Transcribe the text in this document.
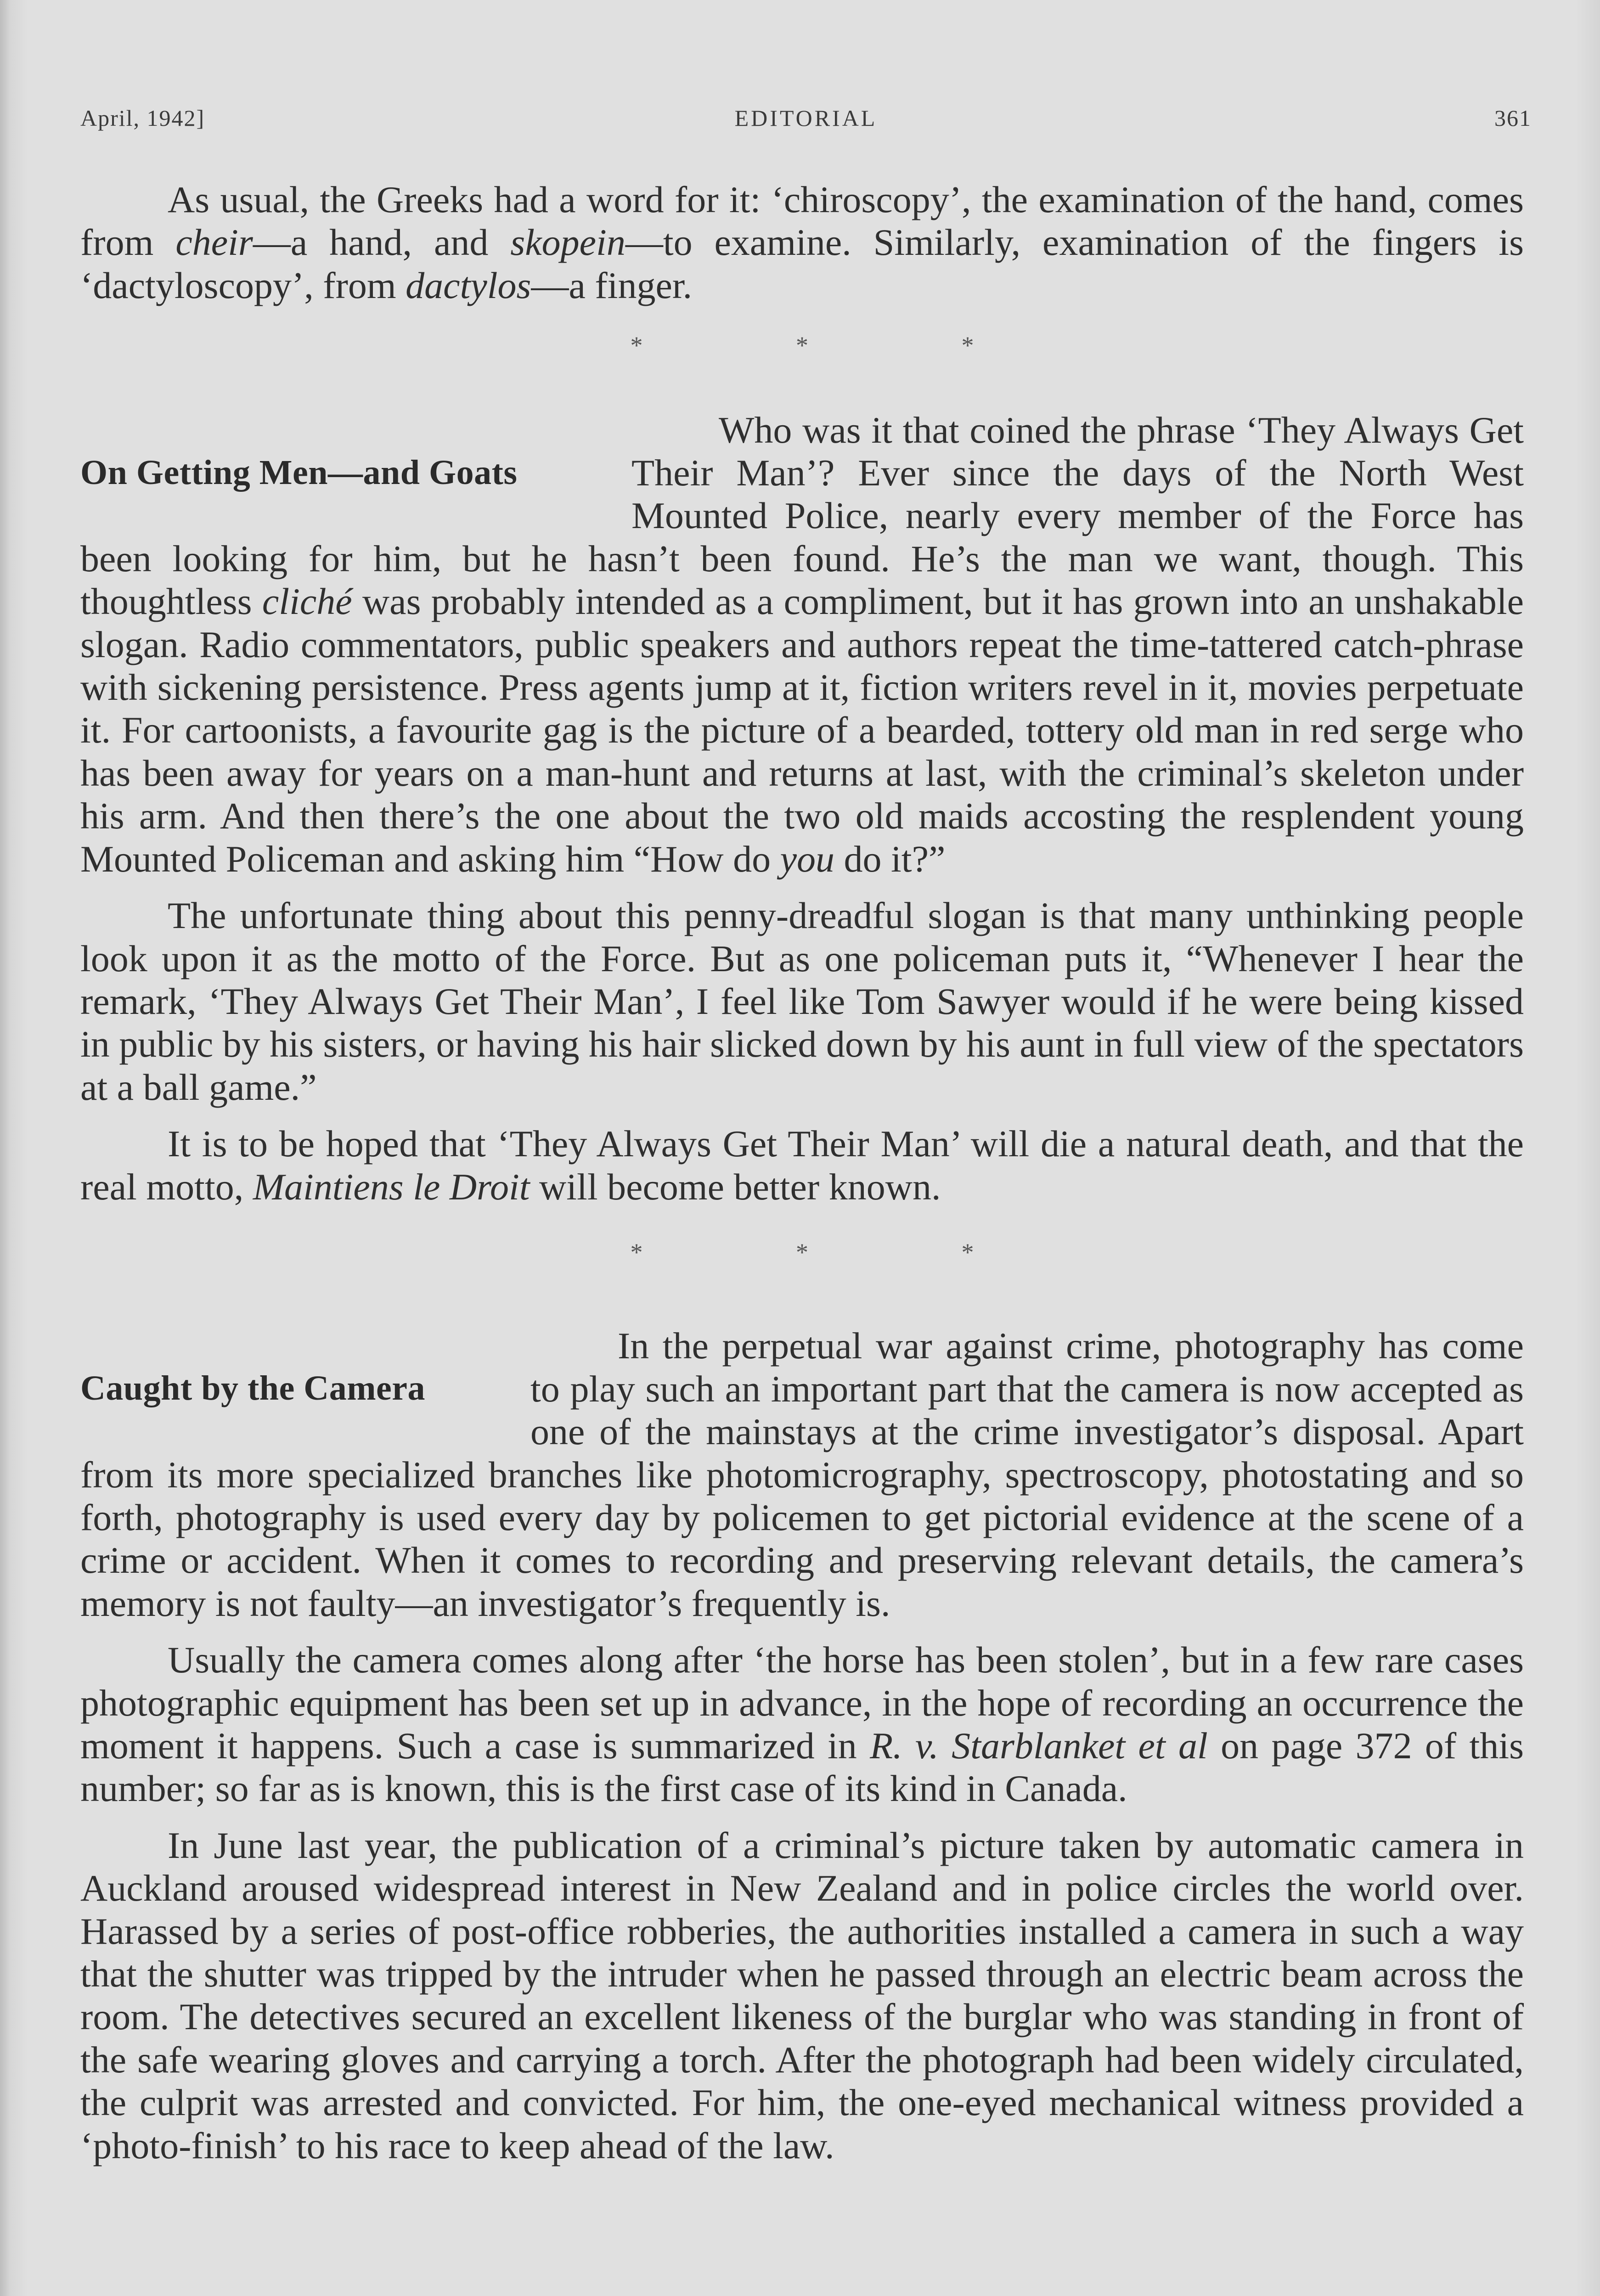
April, 1942]	EDITORIAL	361

As usual, the Greeks had a word for it: ‘chiroscopy’, the examination of the hand, comes from cheir—a hand, and skopein—to examine. Similarly, examination of the fingers is ‘dactyloscopy’, from dactylos—a finger.

* * *
On Getting Men—and Goats

Who was it that coined the phrase ‘They Always Get Their Man’? Ever since the days of the North West Mounted Police, nearly every member of the Force has been looking for him, but he hasn’t been found. He’s the man we want, though. This thoughtless cliché was probably intended as a compliment, but it has grown into an unshakable slogan. Radio commentators, public speakers and authors repeat the time-tattered catch-phrase with sickening persistence. Press agents jump at it, fiction writers revel in it, movies perpetuate it. For cartoonists, a favourite gag is the picture of a bearded, tottery old man in red serge who has been away for years on a man-hunt and returns at last, with the criminal’s skeleton under his arm. And then there’s the one about the two old maids accosting the resplendent young Mounted Policeman and asking him “How do you do it?”

The unfortunate thing about this penny-dreadful slogan is that many unthinking people look upon it as the motto of the Force. But as one policeman puts it, “Whenever I hear the remark, ‘They Always Get Their Man’, I feel like Tom Sawyer would if he were being kissed in public by his sisters, or having his hair slicked down by his aunt in full view of the spectators at a ball game.”

It is to be hoped that ‘They Always Get Their Man’ will die a natural death, and that the real motto, Maintiens le Droit will become better known.

* * *
Caught by the Camera

In the perpetual war against crime, photography has come to play such an important part that the camera is now accepted as one of the mainstays at the crime investigator’s disposal. Apart from its more specialized branches like photomicrography, spectroscopy, photostating and so forth, photography is used every day by policemen to get pictorial evidence at the scene of a crime or accident. When it comes to recording and preserving relevant details, the camera’s memory is not faulty—an investigator’s frequently is.

Usually the camera comes along after ‘the horse has been stolen’, but in a few rare cases photographic equipment has been set up in advance, in the hope of recording an occurrence the moment it happens. Such a case is summarized in R. v. Starblanket et al on page 372 of this number; so far as is known, this is the first case of its kind in Canada.

In June last year, the publication of a criminal’s picture taken by automatic camera in Auckland aroused widespread interest in New Zealand and in police circles the world over. Harassed by a series of post-office robberies, the authorities installed a camera in such a way that the shutter was tripped by the intruder when he passed through an electric beam across the room. The detectives secured an excellent likeness of the burglar who was standing in front of the safe wearing gloves and carrying a torch. After the photograph had been widely circulated, the culprit was arrested and convicted. For him, the one-eyed mechanical witness provided a ‘photo-finish’ to his race to keep ahead of the law.
